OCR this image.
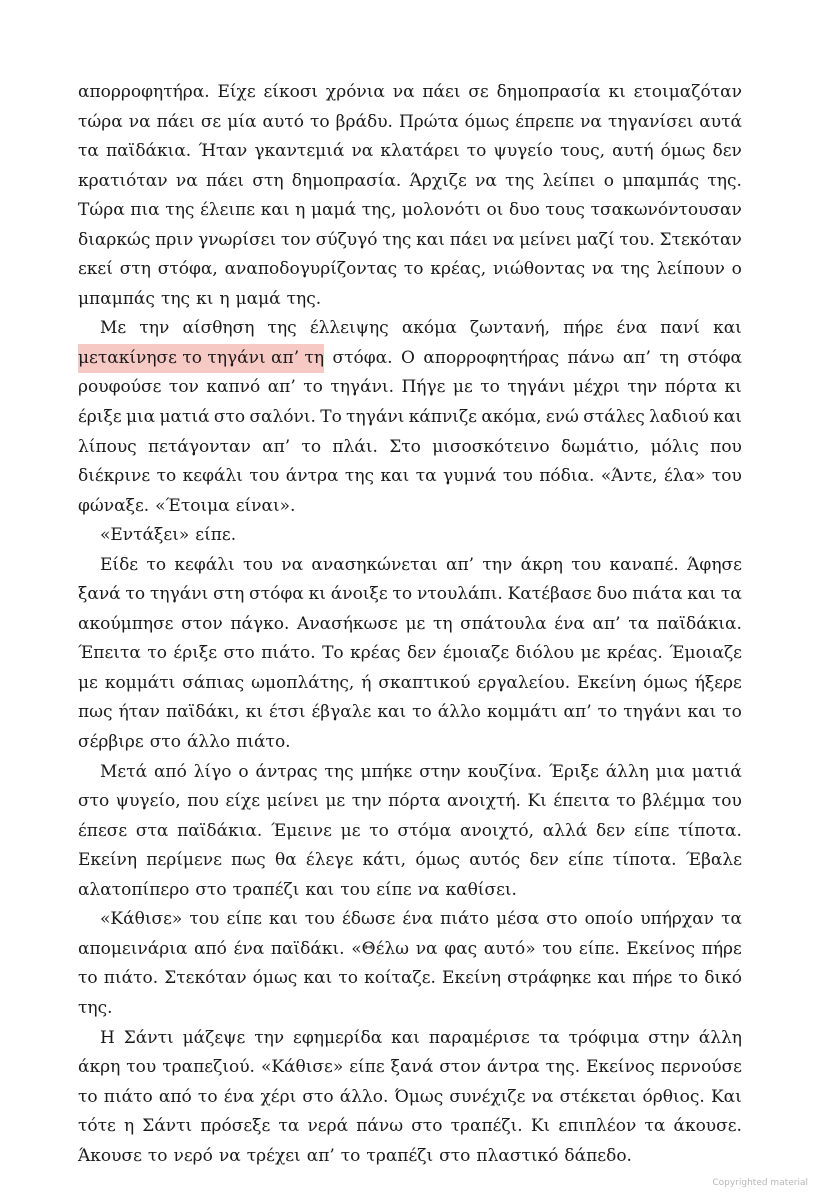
απορροφητήρα. Είχε είκοσι χρόνια να πάει σε δημοπρασία κι ετοιμαζόταν
τώρα να πάει σε μία αυτό το βράδυ. Πρώτα όμως έπρεπε να τηγανίσει αυτά
τα παϊδάκια. Ήταν γκαντεμιά να κλατάρει το ψυγείο τους, αυτή όμως δεν
κρατιόταν να πάει στη δημοπρασία. Άρχιζε να της λείπει ο μπαμπάς της.
Τώρα πια της έλειπε και η μαμά της, μολονότι οι δυο τους τσακωνόντουσαν
διαρκώς πριν γνωρίσει τον σύζυγό της και πάει να μείνει μαζί του. Στεκόταν
εκεί στη στόφα, αναποδογυρίζοντας το κρέας, νιώθοντας να της λείπουν ο
μπαμπάς της κι η μαμά της.
Με την αίσθηση της έλλειψης ακόμα ζωντανή, πήρε ένα πανί και
μετακίνησε το τηγάνι απ’ τη στόφα. Ο απορροφητήρας πάνω απ’ τη στόφα
ρουφούσε τον καπνό απ’ το τηγάνι. Πήγε με το τηγάνι μέχρι την πόρτα κι
έριξε μια ματιά στο σαλόνι. Το τηγάνι κάπνιζε ακόμα, ενώ στάλες λαδιού και
λίπους πετάγονταν απ’ το πλάι. Στο μισοσκότεινο δωμάτιο, μόλις που
διέκρινε το κεφάλι του άντρα της και τα γυμνά του πόδια. «Άντε, έλα» του
φώναξε. «Έτοιμα είναι».
«Εντάξει» είπε.
Είδε το κεφάλι του να ανασηκώνεται απ’ την άκρη του καναπέ. Άφησε
ξανά το τηγάνι στη στόφα κι άνοιξε το ντουλάπι. Κατέβασε δυο πιάτα και τα
ακούμπησε στον πάγκο. Ανασήκωσε με τη σπάτουλα ένα απ’ τα παϊδάκια.
Έπειτα το έριξε στο πιάτο. Το κρέας δεν έμοιαζε διόλου με κρέας. Έμοιαζε
με κομμάτι σάπιας ωμοπλάτης, ή σκαπτικού εργαλείου. Εκείνη όμως ήξερε
πως ήταν παϊδάκι, κι έτσι έβγαλε και το άλλο κομμάτι απ’ το τηγάνι και το
σέρβιρε στο άλλο πιάτο.
Μετά από λίγο ο άντρας της μπήκε στην κουζίνα. Έριξε άλλη μια ματιά
στο ψυγείο, που είχε μείνει με την πόρτα ανοιχτή. Κι έπειτα το βλέμμα του
έπεσε στα παϊδάκια. Έμεινε με το στόμα ανοιχτό, αλλά δεν είπε τίποτα.
Εκείνη περίμενε πως θα έλεγε κάτι, όμως αυτός δεν είπε τίποτα. Έβαλε
αλατοπίπερο στο τραπέζι και του είπε να καθίσει.
«Κάθισε» του είπε και του έδωσε ένα πιάτο μέσα στο οποίο υπήρχαν τα
απομεινάρια από ένα παϊδάκι. «Θέλω να φας αυτό» του είπε. Εκείνος πήρε
το πιάτο. Στεκόταν όμως και το κοίταζε. Εκείνη στράφηκε και πήρε το δικό
της.
Η Σάντι μάζεψε την εφημερίδα και παραμέρισε τα τρόφιμα στην άλλη
άκρη του τραπεζιού. «Κάθισε» είπε ξανά στον άντρα της. Εκείνος περνούσε
το πιάτο από το ένα χέρι στο άλλο. Όμως συνέχιζε να στέκεται όρθιος. Και
τότε η Σάντι πρόσεξε τα νερά πάνω στο τραπέζι. Κι επιπλέον τα άκουσε.
Άκουσε το νερό να τρέχει απ’ το τραπέζι στο πλαστικό δάπεδο.
Copyrighted material
